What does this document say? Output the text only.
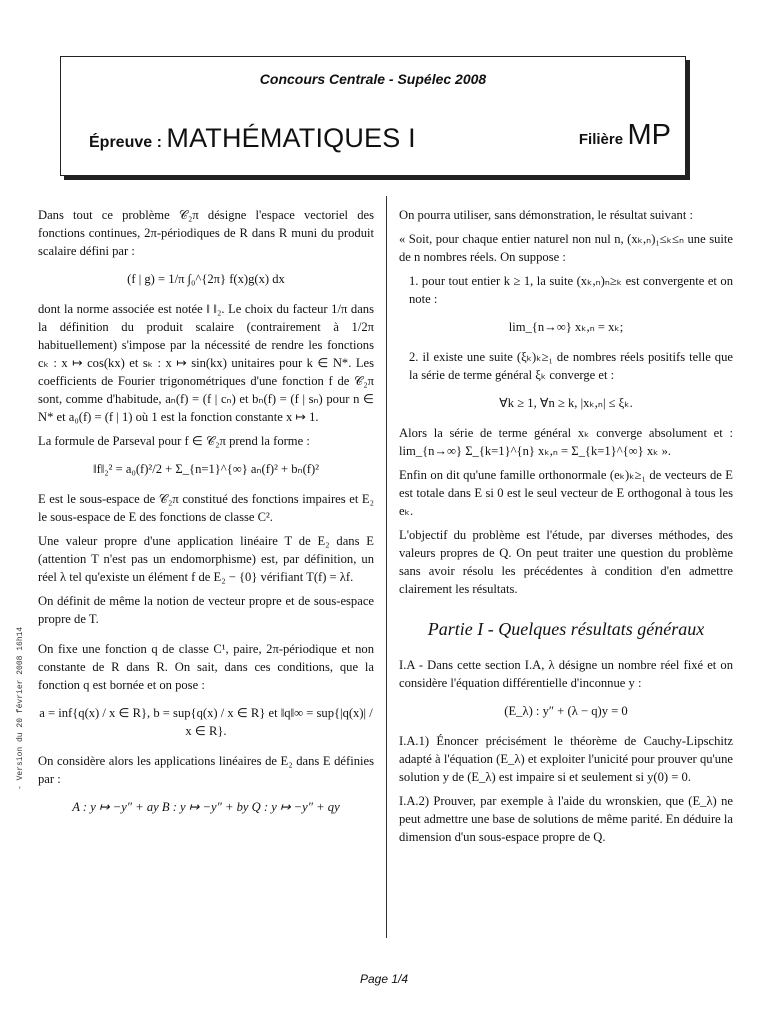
Concours Centrale - Supélec 2008
Épreuve : MATHÉMATIQUES I	Filière MP

Dans tout ce problème 𝒞₂π désigne l'espace vectoriel des fonctions continues, 2π-périodiques de R dans R muni du produit scalaire défini par :

(f | g) = 1/π ∫₀^{2π} f(x)g(x) dx

dont la norme associée est notée ‖ ‖₂. Le choix du facteur 1/π dans la définition du produit scalaire (contrairement à 1/2π habituellement) s'impose par la nécessité de rendre les fonctions cₖ : x ↦ cos(kx) et sₖ : x ↦ sin(kx) unitaires pour k ∈ N*. Les coefficients de Fourier trigonométriques d'une fonction f de 𝒞₂π sont, comme d'habitude, aₙ(f) = (f | cₙ) et bₙ(f) = (f | sₙ) pour n ∈ N* et a₀(f) = (f | 1) où 1 est la fonction constante x ↦ 1.

La formule de Parseval pour f ∈ 𝒞₂π prend la forme :

‖f‖₂² = a₀(f)²/2 + Σ_{n=1}^{∞} aₙ(f)² + bₙ(f)²

E est le sous-espace de 𝒞₂π constitué des fonctions impaires et E₂ le sous-espace de E des fonctions de classe C².

Une valeur propre d'une application linéaire T de E₂ dans E (attention T n'est pas un endomorphisme) est, par définition, un réel λ tel qu'existe un élément f de E₂ − {0} vérifiant T(f) = λf.

On définit de même la notion de vecteur propre et de sous-espace propre de T.

On fixe une fonction q de classe C¹, paire, 2π-périodique et non constante de R dans R. On sait, dans ces conditions, que la fonction q est bornée et on pose :

a = inf{q(x) / x ∈ R}, b = sup{q(x) / x ∈ R} et ‖q‖∞ = sup{|q(x)| / x ∈ R}.

On considère alors les applications linéaires de E₂ dans E définies par :

A : y ↦ −y″ + ay B : y ↦ −y″ + by Q : y ↦ −y″ + qy

On pourra utiliser, sans démonstration, le résultat suivant :

« Soit, pour chaque entier naturel non nul n, (xₖ,ₙ)₁≤ₖ≤ₙ une suite de n nombres réels. On suppose :

1. pour tout entier k ≥ 1, la suite (xₖ,ₙ)ₙ≥ₖ est convergente et on note :
lim_{n→∞} xₖ,ₙ = xₖ;
2. il existe une suite (ξₖ)ₖ≥₁ de nombres réels positifs telle que la série de terme général ξₖ converge et :
∀k ≥ 1, ∀n ≥ k, |xₖ,ₙ| ≤ ξₖ.

Alors la série de terme général xₖ converge absolument et : lim_{n→∞} Σ_{k=1}^{n} xₖ,ₙ = Σ_{k=1}^{∞} xₖ ».

Enfin on dit qu'une famille orthonormale (eₖ)ₖ≥₁ de vecteurs de E est totale dans E si 0 est le seul vecteur de E orthogonal à tous les eₖ.

L'objectif du problème est l'étude, par diverses méthodes, des valeurs propres de Q. On peut traiter une question du problème sans avoir résolu les précédentes à condition d'en admettre clairement les résultats.

Partie I - Quelques résultats généraux

I.A - Dans cette section I.A, λ désigne un nombre réel fixé et on considère l'équation différentielle d'inconnue y :

(E_λ) : y″ + (λ − q)y = 0

I.A.1) Énoncer précisément le théorème de Cauchy-Lipschitz adapté à l'équation (E_λ) et exploiter l'unicité pour prouver qu'une solution y de (E_λ) est impaire si et seulement si y(0) = 0.

I.A.2) Prouver, par exemple à l'aide du wronskien, que (E_λ) ne peut admettre une base de solutions de même parité. En déduire la dimension d'un sous-espace propre de Q.

- Version du 20 février 2008 16h14
Page 1/4
